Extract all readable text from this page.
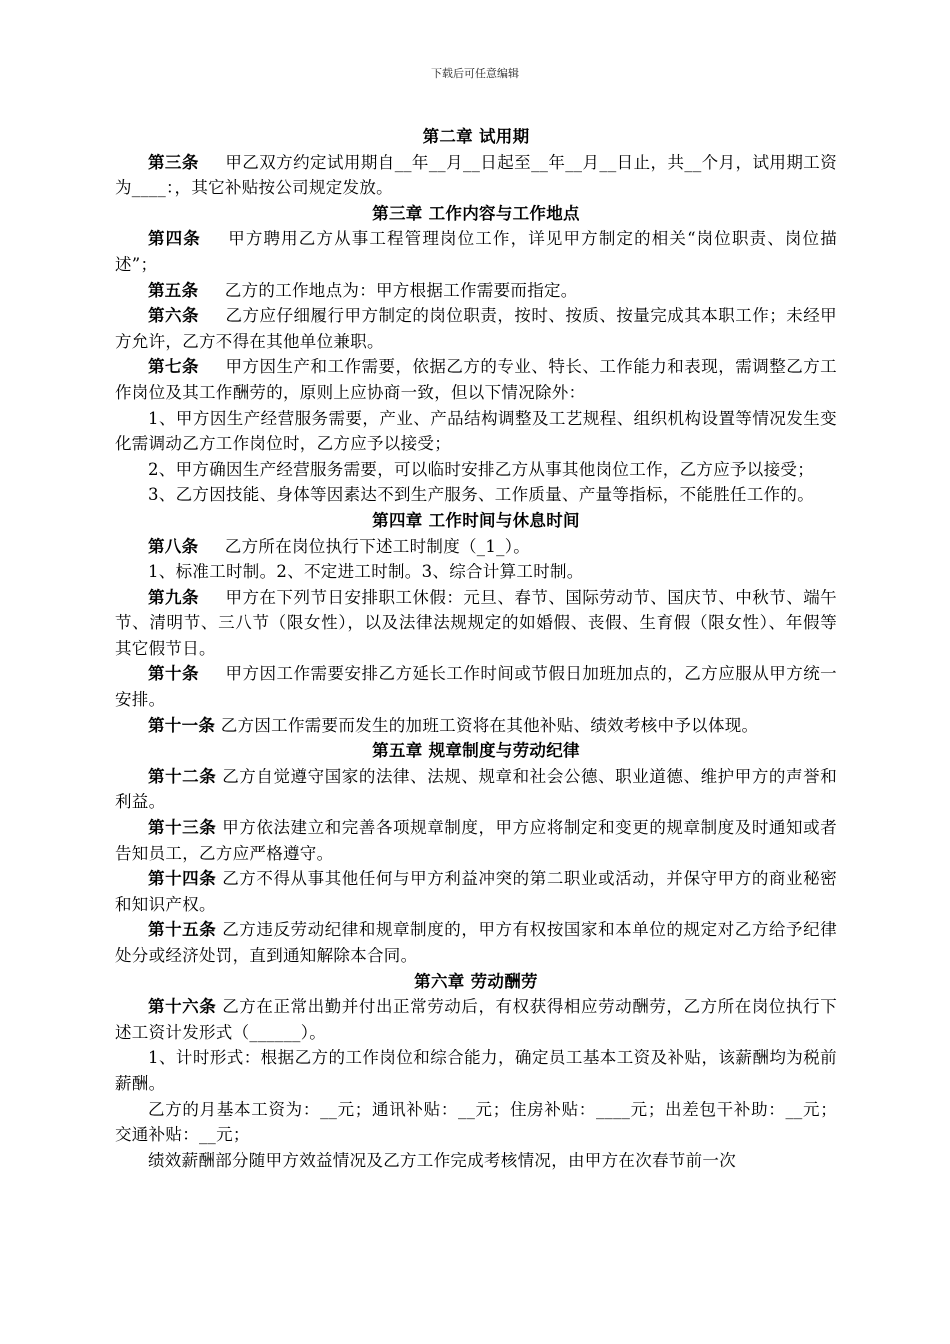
下载后可任意编辑

第二章 试用期

第三条 甲乙双方约定试用期自__年__月__日起至__年__月__日止，共__个月，试用期工资为____：，其它补贴按公司规定发放。

第三章 工作内容与工作地点

第四条 甲方聘用乙方从事工程管理岗位工作，详见甲方制定的相关“岗位职责、岗位描述”；

第五条 乙方的工作地点为：甲方根据工作需要而指定。

第六条 乙方应仔细履行甲方制定的岗位职责，按时、按质、按量完成其本职工作；未经甲方允许，乙方不得在其他单位兼职。

第七条 甲方因生产和工作需要，依据乙方的专业、特长、工作能力和表现，需调整乙方工作岗位及其工作酬劳的，原则上应协商一致，但以下情况除外：

1、甲方因生产经营服务需要，产业、产品结构调整及工艺规程、组织机构设置等情况发生变化需调动乙方工作岗位时，乙方应予以接受；

2、甲方确因生产经营服务需要，可以临时安排乙方从事其他岗位工作，乙方应予以接受；

3、乙方因技能、身体等因素达不到生产服务、工作质量、产量等指标，不能胜任工作的。

第四章 工作时间与休息时间

第八条 乙方所在岗位执行下述工时制度（_1_）。

1、标准工时制。2、不定进工时制。3、综合计算工时制。

第九条 甲方在下列节日安排职工休假：元旦、春节、国际劳动节、国庆节、中秋节、端午节、清明节、三八节（限女性），以及法律法规规定的如婚假、丧假、生育假（限女性）、年假等其它假节日。

第十条 甲方因工作需要安排乙方延长工作时间或节假日加班加点的，乙方应服从甲方统一安排。

第十一条 乙方因工作需要而发生的加班工资将在其他补贴、绩效考核中予以体现。

第五章 规章制度与劳动纪律

第十二条 乙方自觉遵守国家的法律、法规、规章和社会公德、职业道德、维护甲方的声誉和利益。

第十三条 甲方依法建立和完善各项规章制度，甲方应将制定和变更的规章制度及时通知或者告知员工，乙方应严格遵守。

第十四条 乙方不得从事其他任何与甲方利益冲突的第二职业或活动，并保守甲方的商业秘密和知识产权。

第十五条 乙方违反劳动纪律和规章制度的，甲方有权按国家和本单位的规定对乙方给予纪律处分或经济处罚，直到通知解除本合同。

第六章 劳动酬劳

第十六条 乙方在正常出勤并付出正常劳动后，有权获得相应劳动酬劳，乙方所在岗位执行下述工资计发形式（______）。

1、计时形式：根据乙方的工作岗位和综合能力，确定员工基本工资及补贴，该薪酬均为税前薪酬。

乙方的月基本工资为：__元；通讯补贴：__元；住房补贴：____元；出差包干补助：__元；交通补贴：__元；

绩效薪酬部分随甲方效益情况及乙方工作完成考核情况，由甲方在次春节前一次
